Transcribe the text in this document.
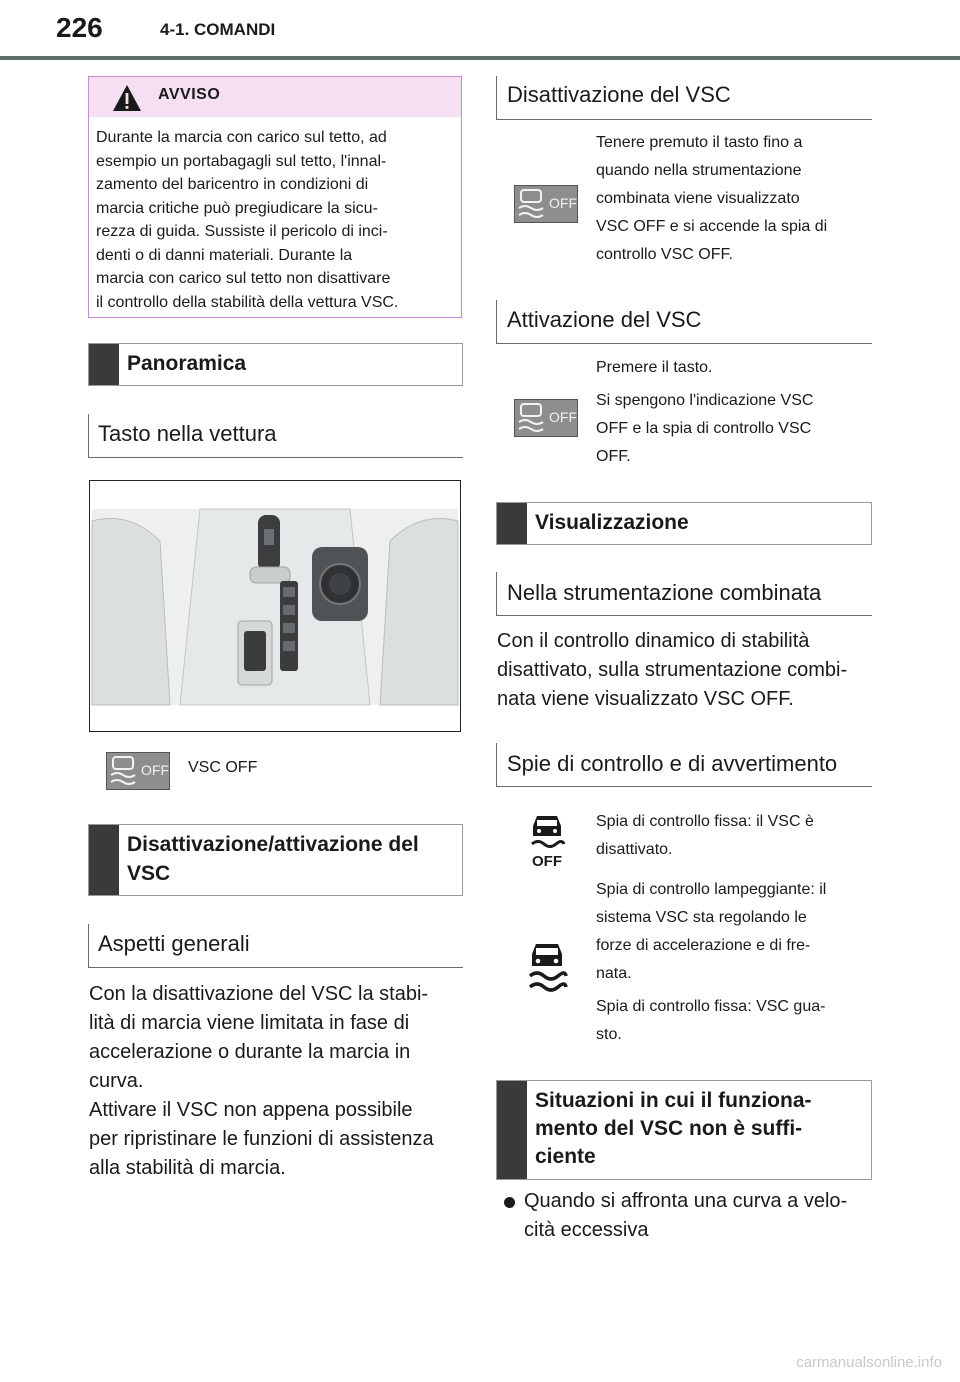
226	4-1. COMANDI
AVVISO
Durante la marcia con carico sul tetto, ad
esempio un portabagagli sul tetto, l'innal-
zamento del baricentro in condizioni di
marcia critiche può pregiudicare la sicu-
rezza di guida. Sussiste il pericolo di inci-
denti o di danni materiali. Durante la
marcia con carico sul tetto non disattivare
il controllo della stabilità della vettura VSC.
Panoramica
Tasto nella vettura
OFF VSC OFF
Disattivazione/attivazione del
VSC
Aspetti generali
Con la disattivazione del VSC la stabi-
lità di marcia viene limitata in fase di
accelerazione o durante la marcia in
curva.
Attivare il VSC non appena possibile
per ripristinare le funzioni di assistenza
alla stabilità di marcia.
Disattivazione del VSC
OFF
Tenere premuto il tasto fino a
quando nella strumentazione
combinata viene visualizzato
VSC OFF e si accende la spia di
controllo VSC OFF.
Attivazione del VSC
OFF
Premere il tasto.
Si spengono l'indicazione VSC
OFF e la spia di controllo VSC
OFF.
Visualizzazione
Nella strumentazione combinata
Con il controllo dinamico di stabilità
disattivato, sulla strumentazione combi-
nata viene visualizzato VSC OFF.
Spie di controllo e di avvertimento
OFF
Spia di controllo fissa: il VSC è
disattivato.
Spia di controllo lampeggiante: il
sistema VSC sta regolando le
forze di accelerazione e di fre-
nata.
Spia di controllo fissa: VSC gua-
sto.
Situazioni in cui il funziona-
mento del VSC non è suffi-
ciente
Quando si affronta una curva a velo-
cità eccessiva
carmanualsonline.info
